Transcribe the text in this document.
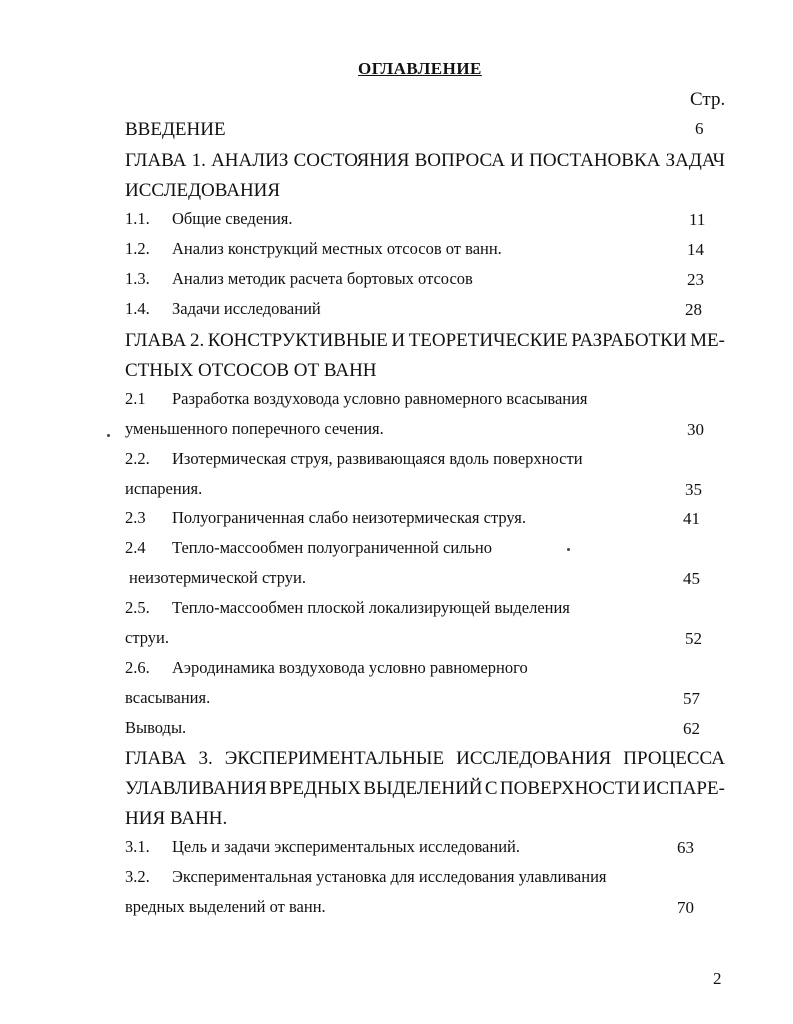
ОГЛАВЛЕНИЕ
Стр.
ВВЕДЕНИЕ	6
ГЛАВА 1. АНАЛИЗ СОСТОЯНИЯ ВОПРОСА И ПОСТАНОВКА ЗАДАЧ
ИССЛЕДОВАНИЯ
1.1. Общие сведения.	11
1.2. Анализ конструкций местных отсосов от ванн.	14
1.3. Анализ методик расчета бортовых отсосов	23
1.4. Задачи исследований	28
ГЛАВА 2. КОНСТРУКТИВНЫЕ И ТЕОРЕТИЧЕСКИЕ РАЗРАБОТКИ МЕ-
СТНЫХ ОТСОСОВ ОТ ВАНН
2.1 Разработка воздуховода условно равномерного всасывания
уменьшенного поперечного сечения.	30
2.2. Изотермическая струя, развивающаяся вдоль поверхности
испарения.	35
2.3 Полуограниченная слабо неизотермическая струя.	41
2.4 Тепло-массообмен полуограниченной сильно
неизотермической струи.	45
2.5. Тепло-массообмен плоской локализирующей выделения
струи.	52
2.6. Аэродинамика воздуховода условно равномерного
всасывания.	57
Выводы.	62
ГЛАВА 3. ЭКСПЕРИМЕНТАЛЬНЫЕ ИССЛЕДОВАНИЯ ПРОЦЕССА
УЛАВЛИВАНИЯ ВРЕДНЫХ ВЫДЕЛЕНИЙ С ПОВЕРХНОСТИ ИСПАРЕ-
НИЯ ВАНН.
3.1. Цель и задачи экспериментальных исследований.	63
3.2. Экспериментальная установка для исследования улавливания
вредных выделений от ванн.	70
2
